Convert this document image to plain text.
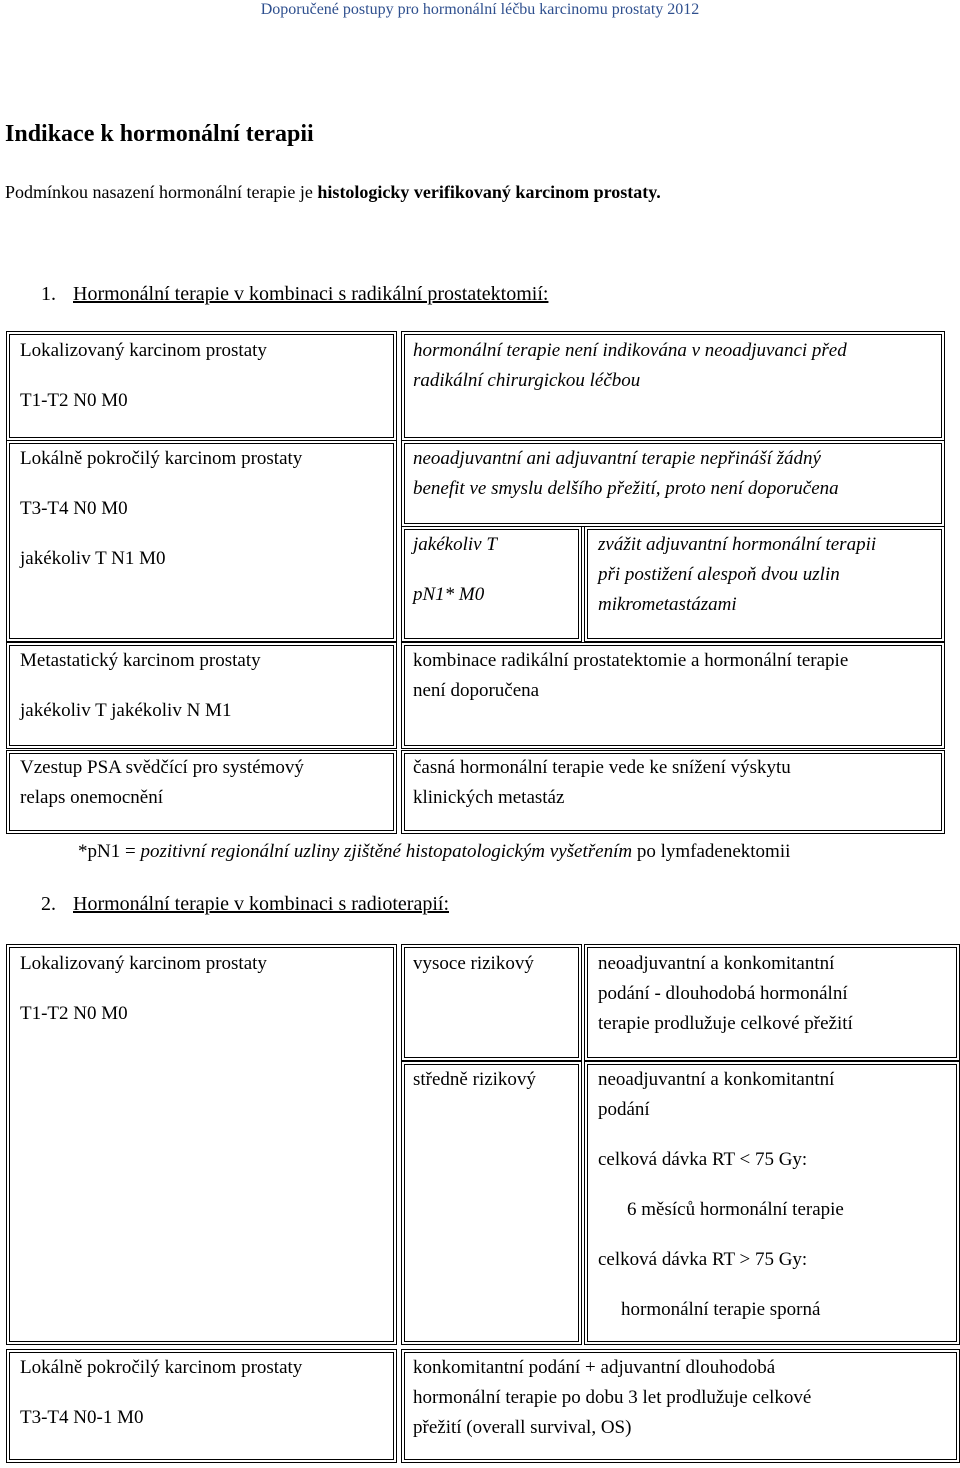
Doporučené postupy pro hormonální léčbu karcinomu prostaty 2012
Indikace k hormonální terapii
Podmínkou nasazení hormonální terapie je histologicky verifikovaný karcinom prostaty.
1. Hormonální terapie v kombinaci s radikální prostatektomií:
Lokalizovaný karcinom prostaty
T1-T2 N0 M0
hormonální terapie není indikována v neoadjuvanci před
radikální chirurgickou léčbou
Lokálně pokročilý karcinom prostaty
T3-T4 N0 M0
jakékoliv T N1 M0
neoadjuvantní ani adjuvantní terapie nepřináší žádný
benefit ve smyslu delšího přežití, proto není doporučena
jakékoliv T
pN1* M0
zvážit adjuvantní hormonální terapii
při postižení alespoň dvou uzlin
mikrometastázami
Metastatický karcinom prostaty
jakékoliv T jakékoliv N M1
kombinace radikální prostatektomie a hormonální terapie
není doporučena
Vzestup PSA svědčící pro systémový
relaps onemocnění
časná hormonální terapie vede ke snížení výskytu
klinických metastáz
*pN1 = pozitivní regionální uzliny zjištěné histopatologickým vyšetřením po lymfadenektomii
2. Hormonální terapie v kombinaci s radioterapií:
Lokalizovaný karcinom prostaty
T1-T2 N0 M0
vysoce rizikový	neoadjuvantní a konkomitantní
podání - dlouhodobá hormonální
terapie prodlužuje celkové přežití
středně rizikový	neoadjuvantní a konkomitantní
podání
celková dávka RT < 75 Gy:
6 měsíců hormonální terapie
celková dávka RT > 75 Gy:
hormonální terapie sporná
Lokálně pokročilý karcinom prostaty
T3-T4 N0-1 M0
konkomitantní podání + adjuvantní dlouhodobá
hormonální terapie po dobu 3 let prodlužuje celkové
přežití (overall survival, OS)
